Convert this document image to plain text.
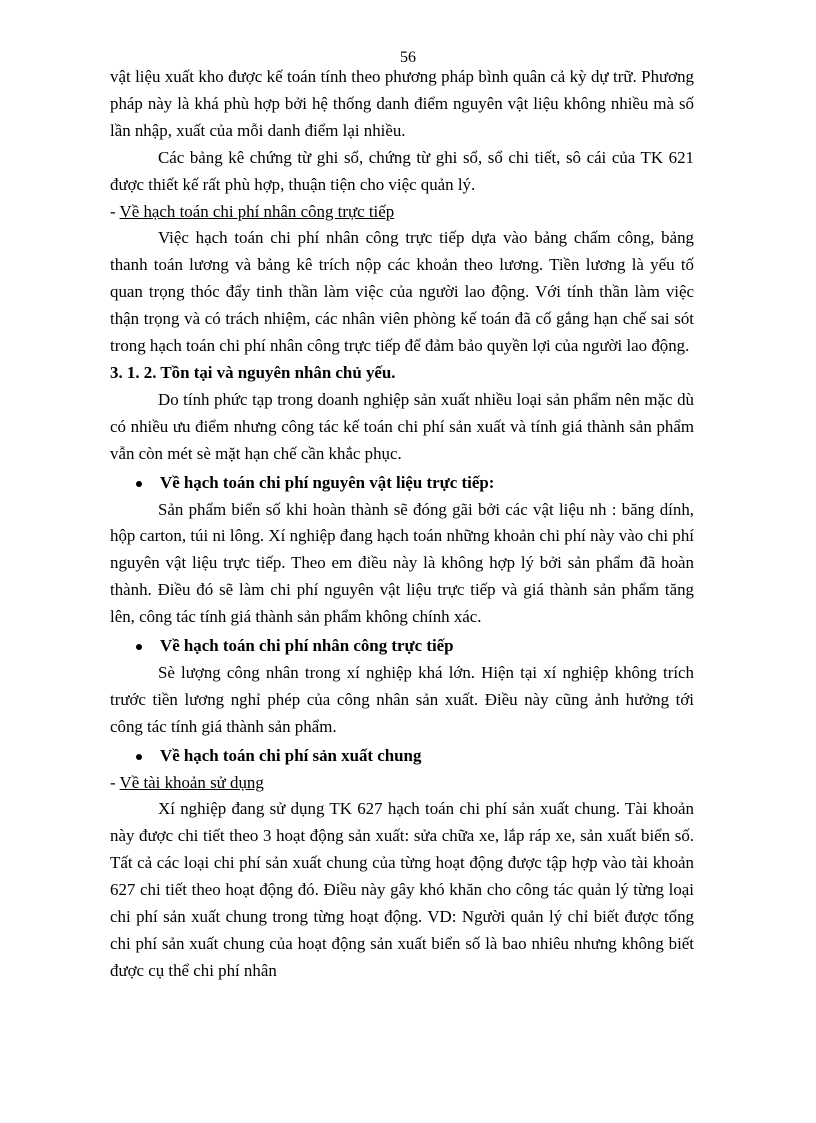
56

vật liệu xuất kho được kế toán tính theo phương pháp bình quân cả kỳ dự trữ. Phương pháp này là khá phù hợp bởi hệ thống danh điểm nguyên vật liệu không nhiều mà số lần nhập, xuất của mỗi danh điểm lại nhiều.

Các bảng kê chứng từ ghi sổ, chứng từ ghi sổ, sổ chi tiết, sô cái của TK 621 được thiết kế rất phù hợp, thuận tiện cho việc quản lý.

- Về hạch toán chi phí nhân công trực tiếp

Việc hạch toán chi phí nhân công trực tiếp dựa vào bảng chấm công, bảng thanh toán lương và bảng kê trích nộp các khoản theo lương. Tiền lương là yếu tố quan trọng thóc đẩy tinh thần làm việc của người lao động. Với tính thần làm việc thận trọng và có trách nhiệm, các nhân viên phòng kế toán đã cố gắng hạn chế sai sót trong hạch toán chi phí nhân công trực tiếp để đảm bảo quyền lợi của người lao động.

3. 1. 2. Tồn tại và nguyên nhân chủ yếu.

Do tính phức tạp trong doanh nghiệp sản xuất nhiều loại sản phẩm nên mặc dù có nhiều ưu điểm nhưng công tác kế toán chi phí sản xuất và tính giá thành sản phẩm vẫn còn mét sè mặt hạn chế cần khắc phục.

Về hạch toán chi phí nguyên vật liệu trực tiếp:

Sản phẩm biển số khi hoàn thành sẽ đóng gãi bởi các vật liệu nh : băng dính, hộp carton, túi ni lông. Xí nghiệp đang hạch toán những khoản chi phí này vào chi phí nguyên vật liệu trực tiếp. Theo em điều này là không hợp lý bởi sản phẩm đã hoàn thành. Điều đó sẽ làm chi phí nguyên vật liệu trực tiếp và giá thành sản phẩm tăng lên, công tác tính giá thành sản phẩm không chính xác.

Về hạch toán chi phí nhân công trực tiếp

Sè lượng công nhân trong xí nghiệp khá lớn. Hiện tại xí nghiệp không trích trước tiền lương nghỉ phép của công nhân sản xuất. Điều này cũng ảnh hưởng tới công tác tính giá thành sản phẩm.

Về hạch toán chi phí sản xuất chung

- Về tài khoản sử dụng

Xí nghiệp đang sử dụng TK 627 hạch toán chi phí sản xuất chung. Tài khoản này được chi tiết theo 3 hoạt động sản xuất: sửa chữa xe, lắp ráp xe, sản xuất biển số. Tất cả các loại chi phí sản xuất chung của từng hoạt động được tập hợp vào tài khoản 627 chi tiết theo hoạt động đó. Điều này gây khó khăn cho công tác quản lý từng loại chi phí sản xuất chung trong từng hoạt động. VD: Người quản lý chỉ biết được tổng chi phí sản xuất chung của hoạt động sản xuất biển số là bao nhiêu nhưng không biết được cụ thể chi phí nhân
